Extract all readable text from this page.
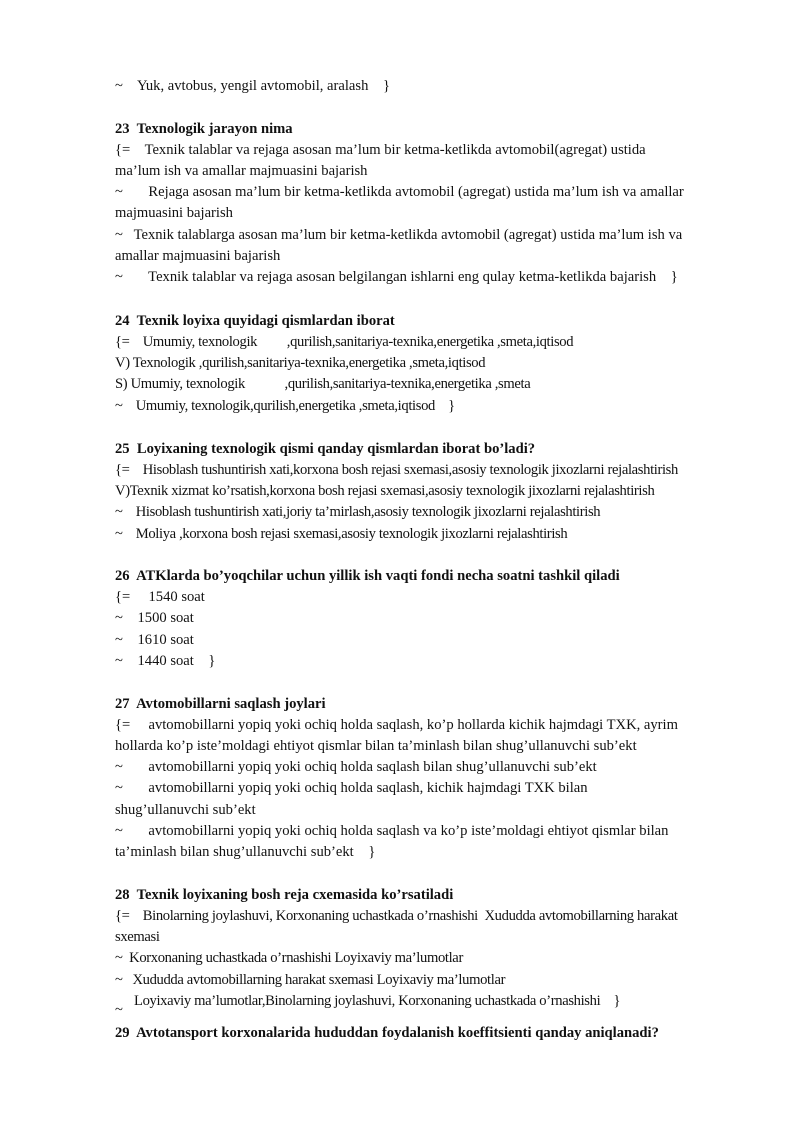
~    Yuk, avtobus, yengil avtomobil, aralash    }
23  Texnologik jarayon nima
{=    Texnik talablar va rejaga asosan ma’lum bir ketma-ketlikda avtomobil(agregat) ustida
ma’lum ish va amallar majmuasini bajarish
~       Rejaga asosan ma’lum bir ketma-ketlikda avtomobil (agregat) ustida ma’lum ish va amallar
majmuasini bajarish
~   Texnik talablarga asosan ma’lum bir ketma-ketlikda avtomobil (agregat) ustida ma’lum ish va
amallar majmuasini bajarish
~       Texnik talablar va rejaga asosan belgilangan ishlarni eng qulay ketma-ketlikda bajarish    }
24  Texnik loyixa quyidagi qismlardan iborat
{=    Umumiy, texnologik         ,qurilish,sanitariya-texnika,energetika ,smeta,iqtisod
V) Texnologik ,qurilish,sanitariya-texnika,energetika ,smeta,iqtisod
S) Umumiy, texnologik            ,qurilish,sanitariya-texnika,energetika ,smeta
~    Umumiy, texnologik,qurilish,energetika ,smeta,iqtisod    }
25  Loyixaning texnologik qismi qanday qismlardan iborat bo’ladi?
{=    Hisoblash tushuntirish xati,korxona bosh rejasi sxemasi,asosiy texnologik jixozlarni rejalashtirish
V)Texnik xizmat ko’rsatish,korxona bosh rejasi sxemasi,asosiy texnologik jixozlarni rejalashtirish
~    Hisoblash tushuntirish xati,joriy ta’mirlash,asosiy texnologik jixozlarni rejalashtirish
~    Moliya ,korxona bosh rejasi sxemasi,asosiy texnologik jixozlarni rejalashtirish
26  ATKlarda bo’yoqchilar uchun yillik ish vaqti fondi necha soatni tashkil qiladi
{=     1540 soat
~    1500 soat
~    1610 soat
~    1440 soat    }
27  Avtomobillarni saqlash joylari
{=     avtomobillarni yopiq yoki ochiq holda saqlash, ko’p hollarda kichik hajmdagi TXK, ayrim
hollarda ko’p iste’moldagi ehtiyot qismlar bilan ta’minlash bilan shug’ullanuvchi sub’ekt
~       avtomobillarni yopiq yoki ochiq holda saqlash bilan shug’ullanuvchi sub’ekt
~       avtomobillarni yopiq yoki ochiq holda saqlash, kichik hajmdagi TXK bilan
shug’ullanuvchi sub’ekt
~       avtomobillarni yopiq yoki ochiq holda saqlash va ko’p iste’moldagi ehtiyot qismlar bilan
ta’minlash bilan shug’ullanuvchi sub’ekt    }
28  Texnik loyixaning bosh reja cxemasida ko’rsatiladi
{=    Binolarning joylashuvi, Korxonaning uchastkada o’rnashishi  Xududda avtomobillarning harakat
sxemasi
~  Korxonaning uchastkada o’rnashishi Loyixaviy ma’lumotlar
~   Xududda avtomobillarning harakat sxemasi Loyixaviy ma’lumotlar
~
Loyixaviy ma’lumotlar,Binolarning joylashuvi, Korxonaning uchastkada o’rnashishi    }
29  Avtotansport korxonalarida hududdan foydalanish koeffitsienti qanday aniqlanadi?
